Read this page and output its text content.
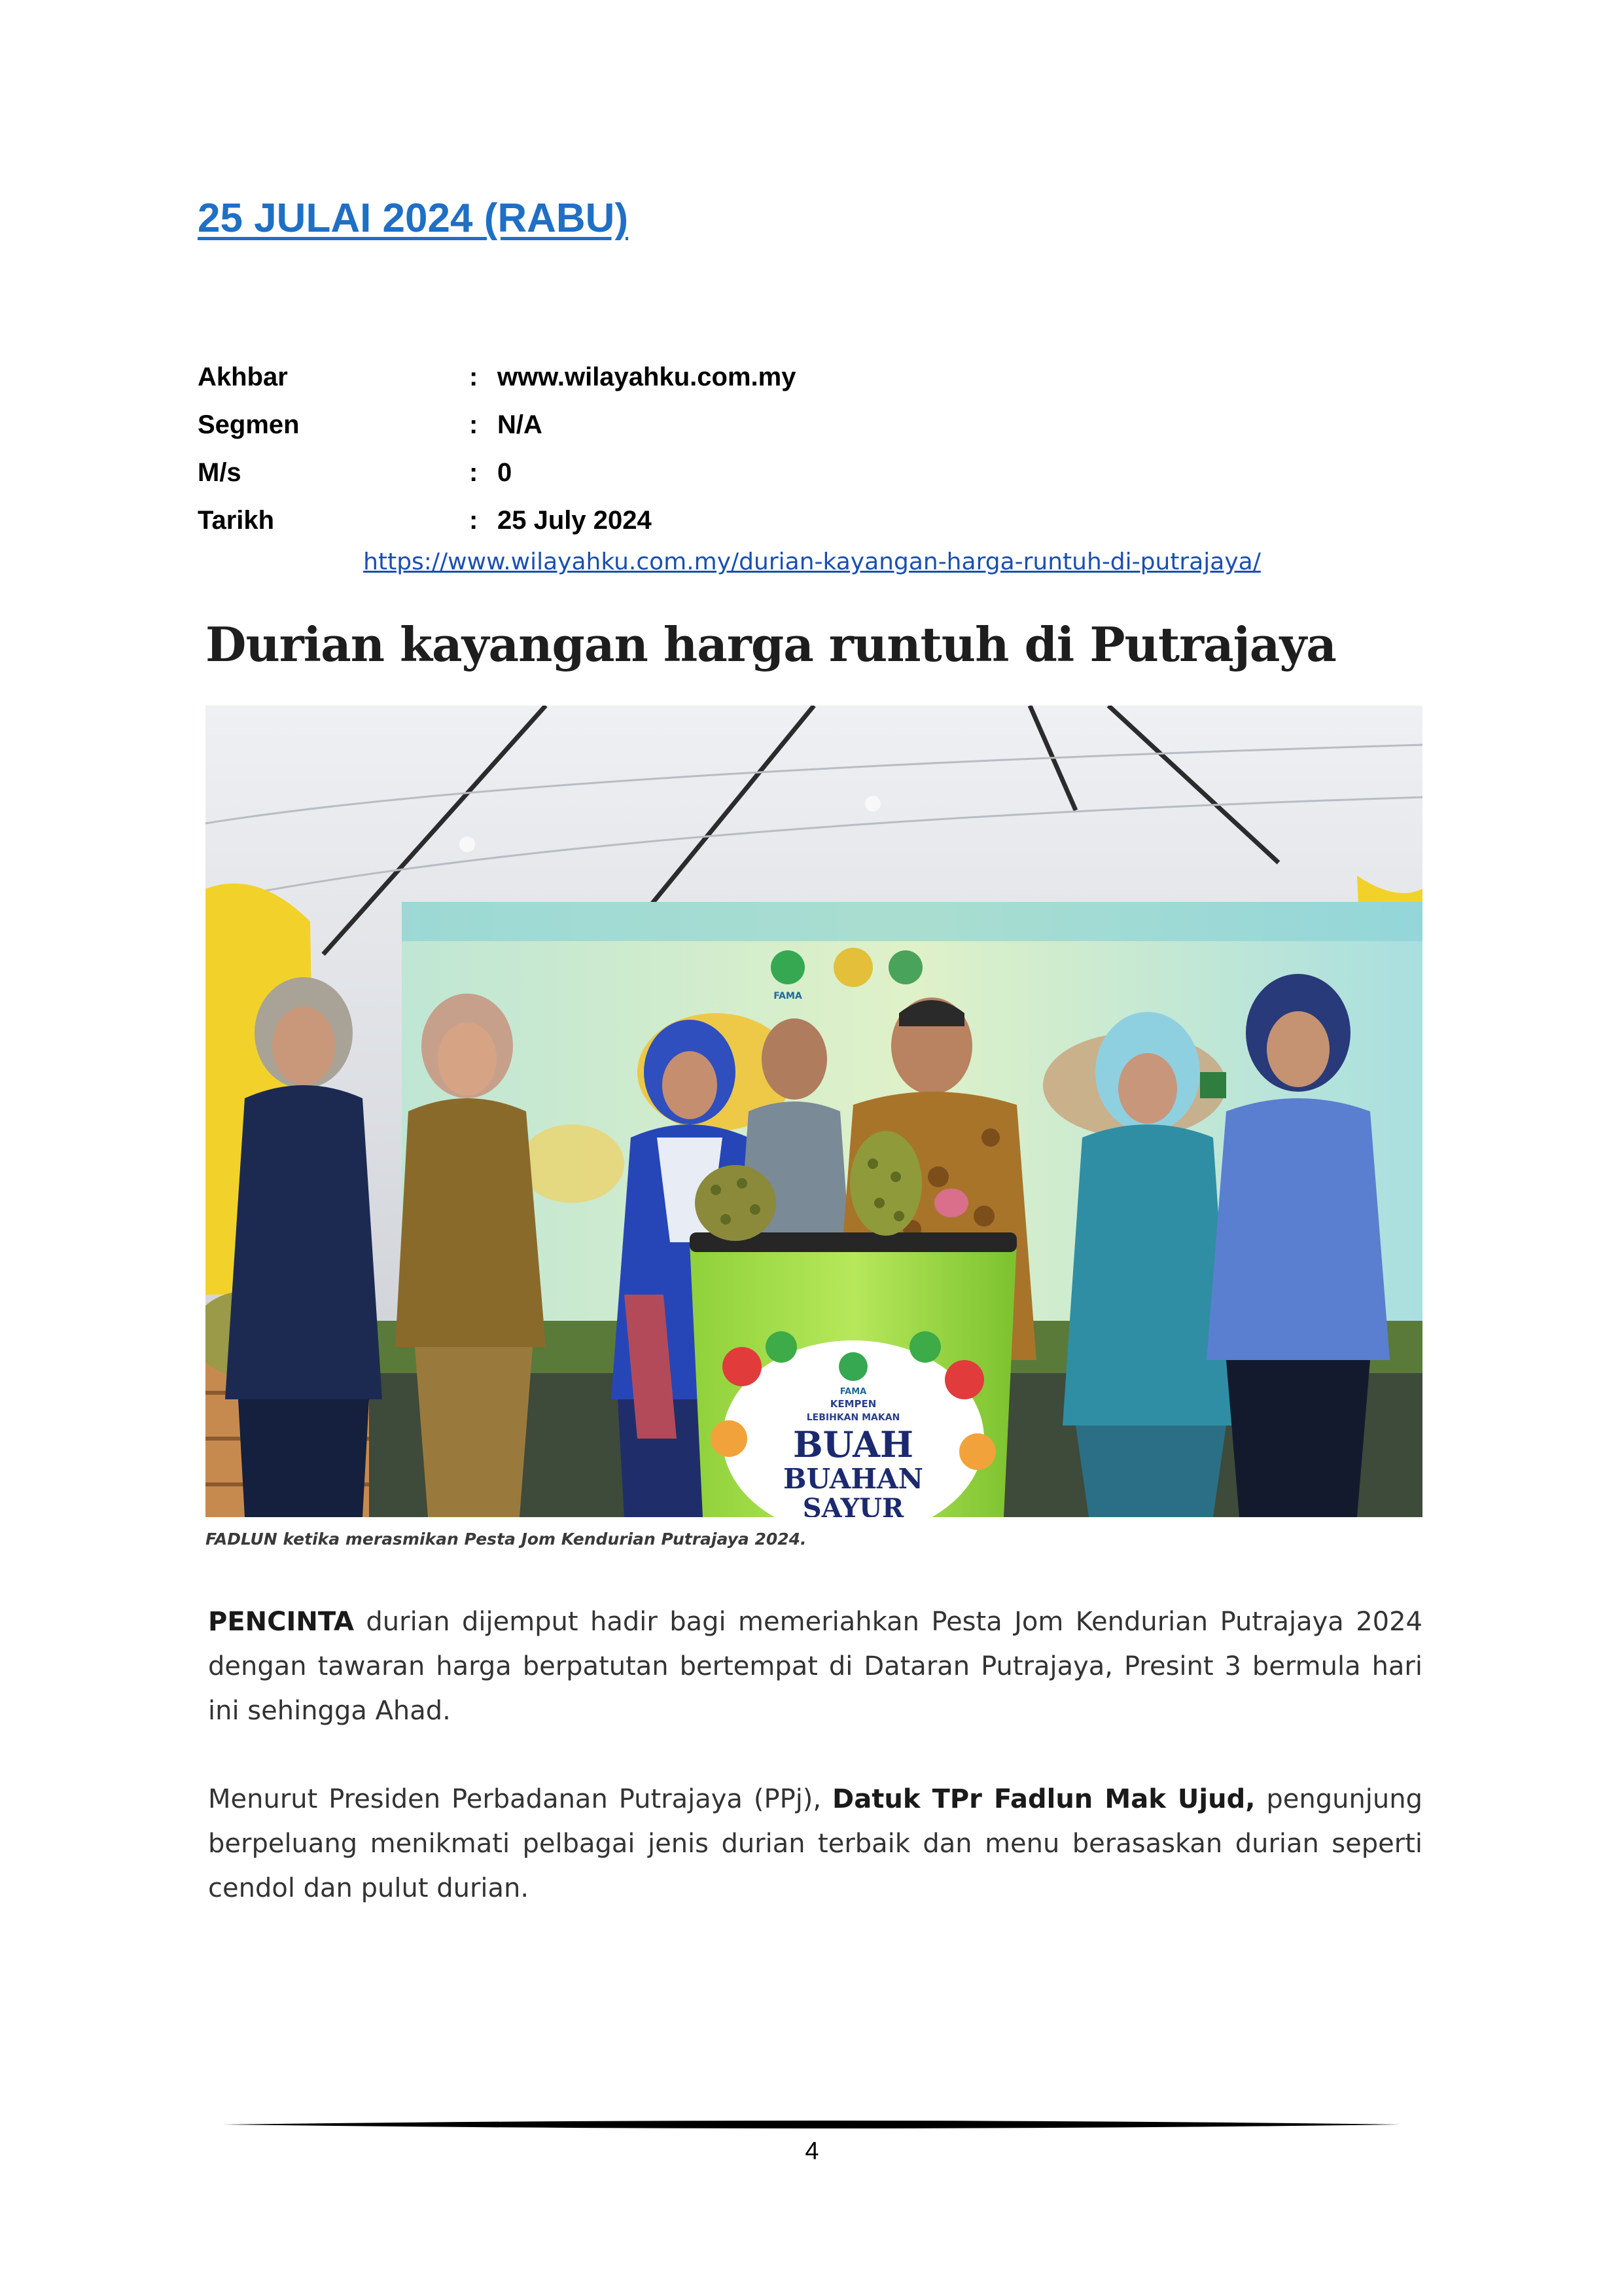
25 JULAI 2024 (RABU)
Akhbar	: www.wilayahku.com.my
Segmen	: N/A
M/s	: 0
Tarikh	: 25 July 2024
https://www.wilayahku.com.my/durian-kayangan-harga-runtuh-di-putrajaya/
Durian kayangan harga runtuh di Putrajaya
FAMA
FAMA
KEMPEN
LEBIHKAN MAKAN
BUAH
BUAHAN
SAYUR
FADLUN ketika merasmikan Pesta Jom Kendurian Putrajaya 2024.

PENCINTA durian dijemput hadir bagi memeriahkan Pesta Jom Kendurian Putrajaya 2024 dengan tawaran harga berpatutan bertempat di Dataran Putrajaya, Presint 3 bermula hari ini sehingga Ahad.

Menurut Presiden Perbadanan Putrajaya (PPj), Datuk TPr Fadlun Mak Ujud, pengunjung berpeluang menikmati pelbagai jenis durian terbaik dan menu berasaskan durian seperti cendol dan pulut durian.

4
